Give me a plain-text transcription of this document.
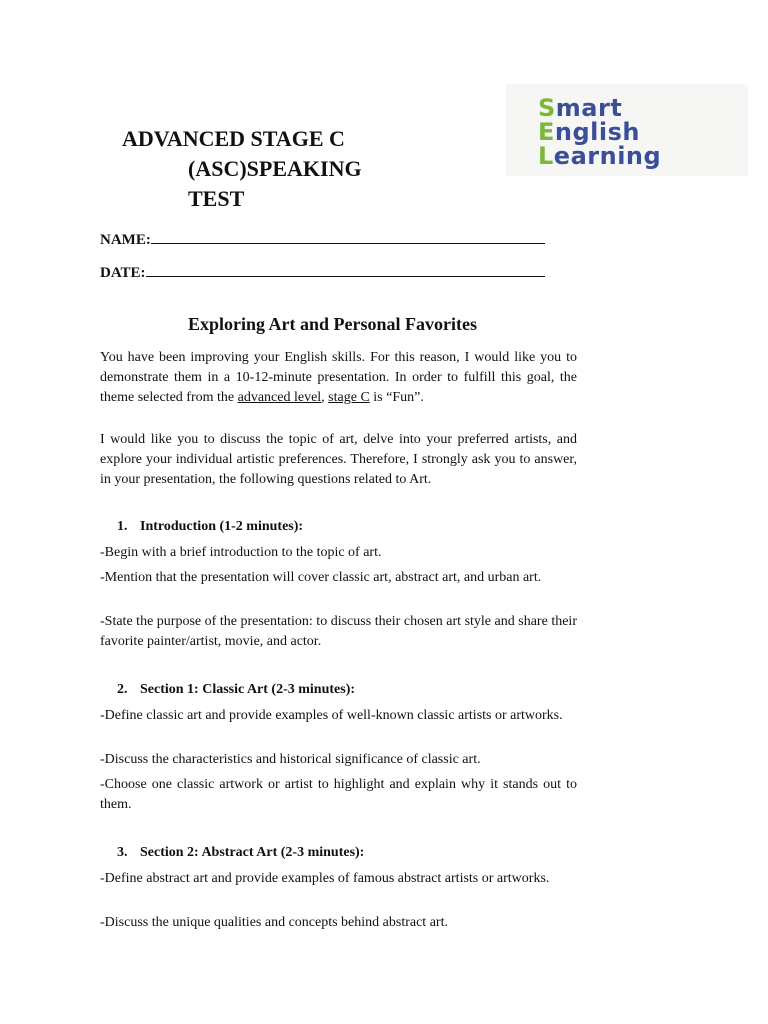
Smart
English
Learning
ADVANCED STAGE C
(ASC)SPEAKING
TEST
NAME:
DATE:
Exploring Art and Personal Favorites

You have been improving your English skills. For this reason, I would like you to demonstrate them in a 10-12-minute presentation. In order to fulfill this goal, the theme selected from the advanced level, stage C is “Fun”.

I would like you to discuss the topic of art, delve into your preferred artists, and explore your individual artistic preferences. Therefore, I strongly ask you to answer, in your presentation, the following questions related to Art.

1. Introduction (1-2 minutes):

-Begin with a brief introduction to the topic of art.

-Mention that the presentation will cover classic art, abstract art, and urban art.

-State the purpose of the presentation: to discuss their chosen art style and share their favorite painter/artist, movie, and actor.

2. Section 1: Classic Art (2-3 minutes):

-Define classic art and provide examples of well-known classic artists or artworks.

-Discuss the characteristics and historical significance of classic art.

-Choose one classic artwork or artist to highlight and explain why it stands out to them.

3. Section 2: Abstract Art (2-3 minutes):

-Define abstract art and provide examples of famous abstract artists or artworks.

-Discuss the unique qualities and concepts behind abstract art.
